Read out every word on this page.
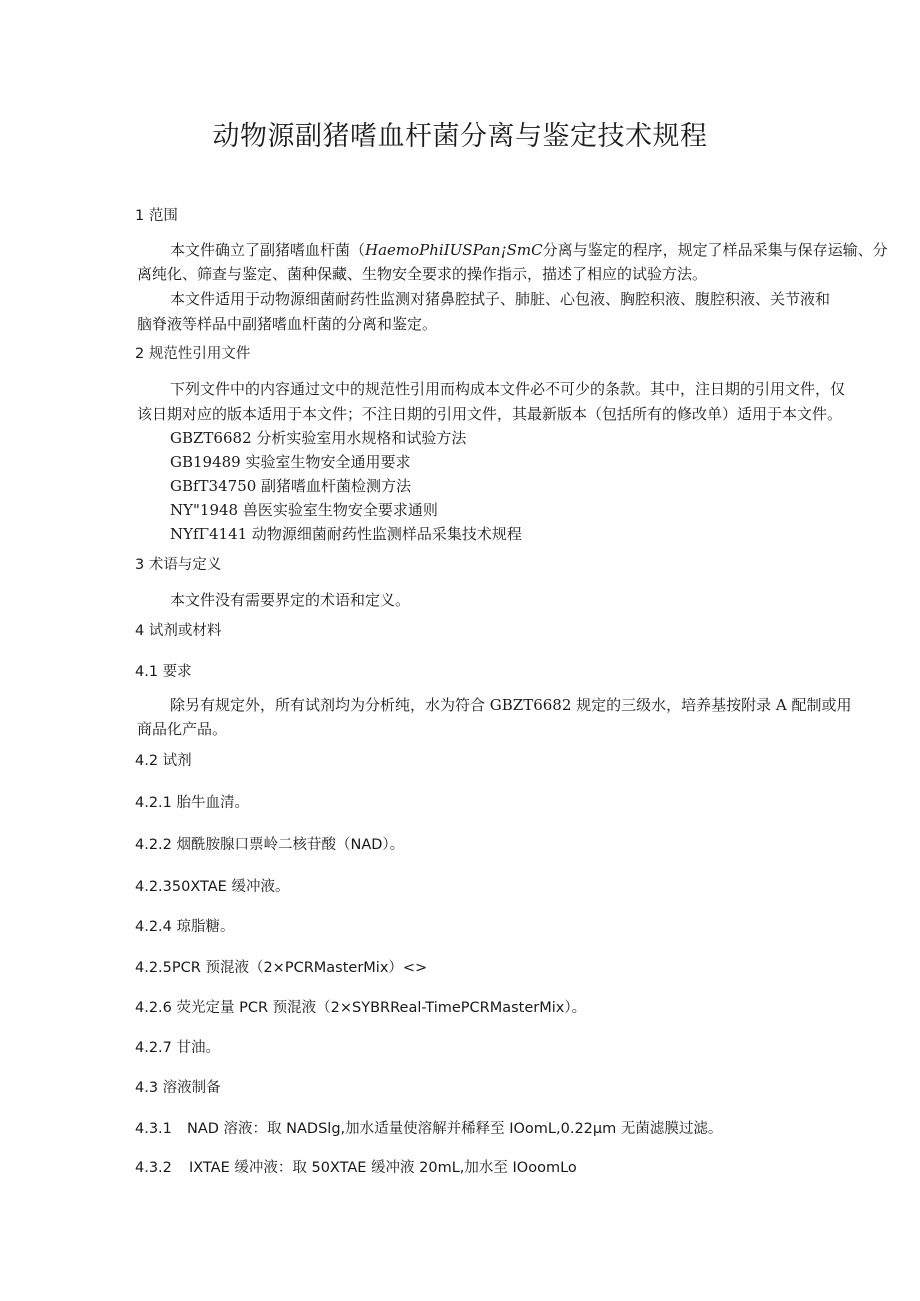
动物源副猪嗜血杆菌分离与鉴定技术规程
1 范围
本文件确立了副猪嗜血杆菌（HaemoPhiIUSPan¡SmC分离与鉴定的程序，规定了样品采集与保存运输、分
离纯化、筛查与鉴定、菌种保藏、生物安全要求的操作指示，描述了相应的试验方法。
本文件适用于动物源细菌耐药性监测对猪鼻腔拭子、肺脏、心包液、胸腔积液、腹腔积液、关节液和
脑脊液等样品中副猪嗜血杆菌的分离和鉴定。
2 规范性引用文件
下列文件中的内容通过文中的规范性引用而构成本文件必不可少的条款。其中，注日期的引用文件，仅
该日期对应的版本适用于本文件；不注日期的引用文件，其最新版本（包括所有的修改单）适用于本文件。
GBZT6682 分析实验室用水规格和试验方法
GB19489 实验室生物安全通用要求
GBfT34750 副猪嗜血杆菌检测方法
NY"1948 兽医实验室生物安全要求通则
NYfΓ4141 动物源细菌耐药性监测样品采集技术规程
3 术语与定义
本文件没有需要界定的术语和定义。
4 试剂或材料
4.1 要求
除另有规定外，所有试剂均为分析纯，水为符合 GBZT6682 规定的三级水，培养基按附录 A 配制或用
商品化产品。
4.2 试剂
4.2.1 胎牛血清。
4.2.2 烟酰胺腺口票岭二核苷酸（NAD）。
4.2.350XTAE 缓冲液。
4.2.4 琼脂糖。
4.2.5PCR 预混液（2×PCRMasterMix）<>
4.2.6 荧光定量 PCR 预混液（2×SYBRReal-TimePCRMasterMix）。
4.2.7 甘油。
4.3 溶液制备
4.3.1 NAD 溶液：取 NADSlg,加水适量使溶解并稀释至 IOomL,0.22μm 无菌滤膜过滤。
4.3.2 IXTAE 缓冲液：取 50XTAE 缓冲液 20mL,加水至 IOoomLo
